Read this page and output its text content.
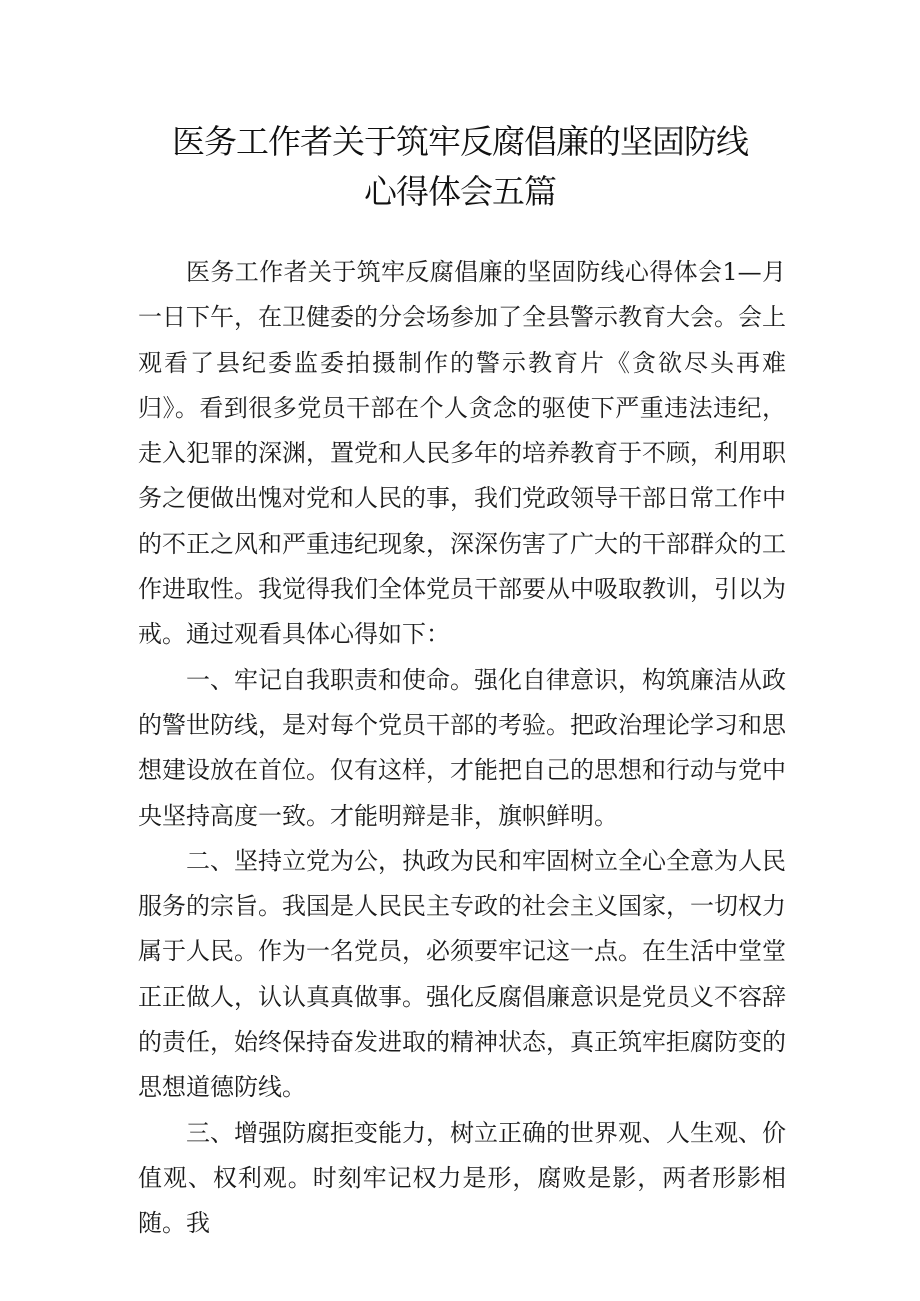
医务工作者关于筑牢反腐倡廉的坚固防线
心得体会五篇

医务工作者关于筑牢反腐倡廉的坚固防线心得体会1—月一日下午，在卫健委的分会场参加了全县警示教育大会。会上观看了县纪委监委拍摄制作的警示教育片《贪欲尽头再难归》。看到很多党员干部在个人贪念的驱使下严重违法违纪，走入犯罪的深渊，置党和人民多年的培养教育于不顾，利用职务之便做出愧对党和人民的事，我们党政领导干部日常工作中的不正之风和严重违纪现象，深深伤害了广大的干部群众的工作进取性。我觉得我们全体党员干部要从中吸取教训，引以为戒。通过观看具体心得如下：

一、牢记自我职责和使命。强化自律意识，构筑廉洁从政的警世防线，是对每个党员干部的考验。把政治理论学习和思想建设放在首位。仅有这样，才能把自己的思想和行动与党中央坚持高度一致。才能明辩是非，旗帜鲜明。

二、坚持立党为公，执政为民和牢固树立全心全意为人民服务的宗旨。我国是人民民主专政的社会主义国家，一切权力属于人民。作为一名党员，必须要牢记这一点。在生活中堂堂正正做人，认认真真做事。强化反腐倡廉意识是党员义不容辞的责任，始终保持奋发进取的精神状态，真正筑牢拒腐防变的思想道德防线。

三、增强防腐拒变能力，树立正确的世界观、人生观、价值观、权利观。时刻牢记权力是形，腐败是影，两者形影相随。我
